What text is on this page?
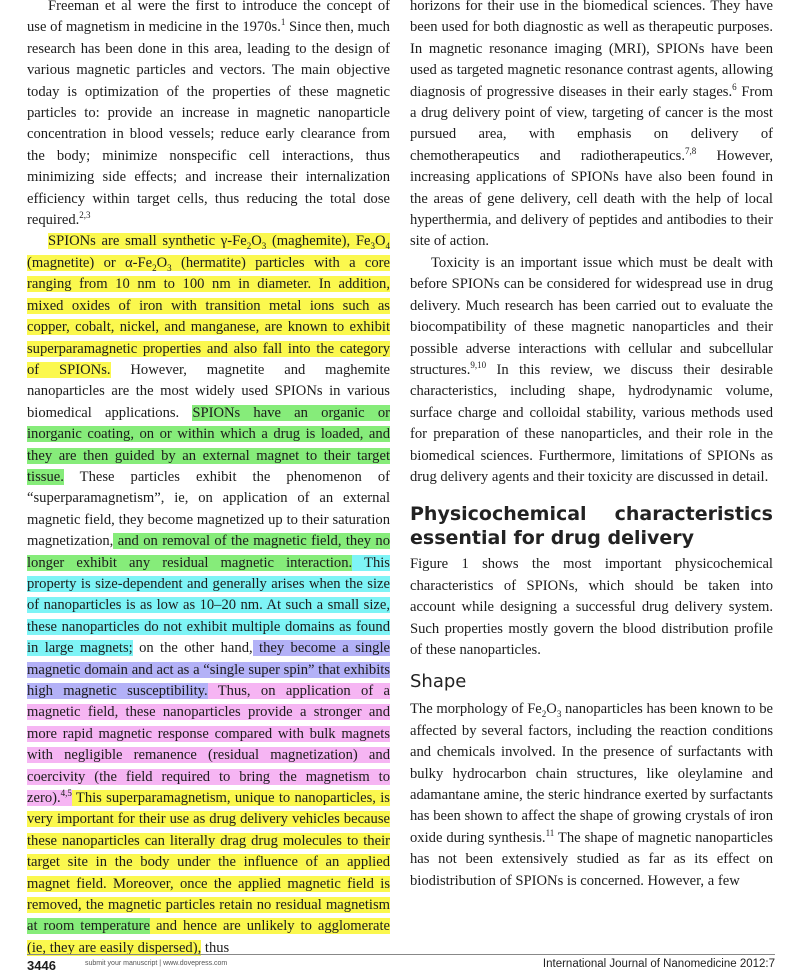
Freeman et al were the first to introduce the concept of use of magnetism in medicine in the 1970s.$^1$ Since then, much research has been done in this area, leading to the design of various magnetic particles and vectors. The main objective today is optimization of the properties of these magnetic particles to: provide an increase in magnetic nanoparticle concentration in blood vessels; reduce early clearance from the body; minimize nonspecific cell interactions, thus minimizing side effects; and increase their internalization efficiency within target cells, thus reducing the total dose required.$^{2,3}$

SPIONs are small synthetic $\gamma-Fe_2O_3$ (maghemite), $Fe_3O_4$ (magnetite) or $\alpha-Fe_2O_3$ (hermatite) particles with a core ranging from 10 nm to 100 nm in diameter. In addition, mixed oxides of iron with transition metal ions such as copper, cobalt, nickel, and manganese, are known to exhibit superparamagnetic properties and also fall into the category of SPIONs. However, magnetite and maghemite nanoparticles are the most widely used SPIONs in various biomedical applications. SPIONs have an organic or inorganic coating, on or within which a drug is loaded, and they are then guided by an external magnet to their target tissue. These particles exhibit the phenomenon of “superparamagnetism”, ie, on application of an external magnetic field, they become magnetized up to their saturation magnetization, and on removal of the magnetic field, they no longer exhibit any residual magnetic interaction. This property is size-dependent and generally arises when the size of nanoparticles is as low as 10–20 nm. At such a small size, these nanoparticles do not exhibit multiple domains as found in large magnets; on the other hand, they become a single magnetic domain and act as a “single super spin” that exhibits high magnetic susceptibility. Thus, on application of a magnetic field, these nanoparticles provide a stronger and more rapid magnetic response compared with bulk magnets with negligible remanence (residual magnetization) and coercivity (the field required to bring the magnetism to zero).$^{4,5}$ This superparamagnetism, unique to nanoparticles, is very important for their use as drug delivery vehicles because these nanoparticles can literally drag drug molecules to their target site in the body under the influence of an applied magnet field. Moreover, once the applied magnetic field is removed, the magnetic particles retain no residual magnetism at room temperature and hence are unlikely to agglomerate (ie, they are easily dispersed), thus

horizons for their use in the biomedical sciences. They have been used for both diagnostic as well as therapeutic purposes. In magnetic resonance imaging (MRI), SPIONs have been used as targeted magnetic resonance contrast agents, allowing diagnosis of progressive diseases in their early stages.$^6$ From a drug delivery point of view, targeting of cancer is the most pursued area, with emphasis on delivery of chemotherapeutics and radiotherapeutics.$^{7,8}$ However, increasing applications of SPIONs have also been found in the areas of gene delivery, cell death with the help of local hyperthermia, and delivery of peptides and antibodies to their site of action.

Toxicity is an important issue which must be dealt with before SPIONs can be considered for widespread use in drug delivery. Much research has been carried out to evaluate the biocompatibility of these magnetic nanoparticles and their possible adverse interactions with cellular and subcellular structures.$^{9,10}$ In this review, we discuss their desirable characteristics, including shape, hydrodynamic volume, surface charge and colloidal stability, various methods used for preparation of these nanoparticles, and their role in the biomedical sciences. Furthermore, limitations of SPIONs as drug delivery agents and their toxicity are discussed in detail.

Physicochemical characteristics essential for drug delivery

Figure 1 shows the most important physicochemical characteristics of SPIONs, which should be taken into account while designing a successful drug delivery system. Such properties mostly govern the blood distribution profile of these nanoparticles.

Shape

The morphology of $Fe_2O_3$ nanoparticles has been known to be affected by several factors, including the reaction conditions and chemicals involved. In the presence of surfactants with bulky hydrocarbon chain structures, like oleylamine and adamantane amine, the steric hindrance exerted by surfactants has been shown to affect the shape of growing crystals of iron oxide during synthesis.$^{11}$ The shape of magnetic nanoparticles has not been extensively studied as far as its effect on biodistribution of SPIONs is concerned. However, a few

3446	submit your manuscript | www.dovepress.com	International Journal of Nanomedicine 2012:7
